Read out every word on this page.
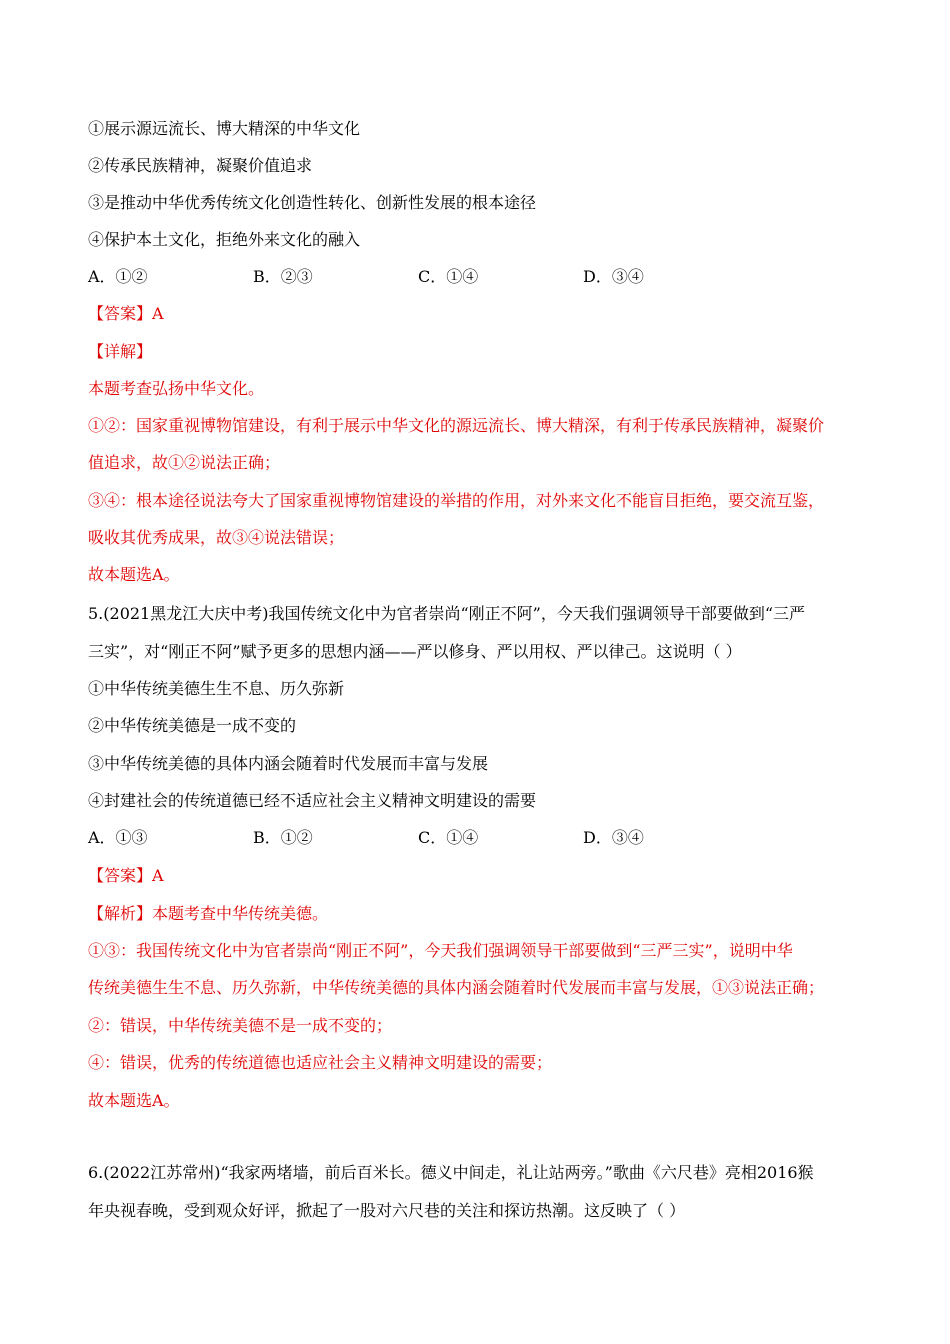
①展示源远流长、博大精深的中华文化
②传承民族精神，凝聚价值追求
③是推动中华优秀传统文化创造性转化、创新性发展的根本途径
④保护本土文化，拒绝外来文化的融入
A．①②	B．②③	C．①④	D．③④
【答案】A
【详解】
本题考查弘扬中华文化。
①②：国家重视博物馆建设，有利于展示中华文化的源远流长、博大精深，有利于传承民族精神，凝聚价
值追求，故①②说法正确；
③④：根本途径说法夸大了国家重视博物馆建设的举措的作用，对外来文化不能盲目拒绝，要交流互鉴，
吸收其优秀成果，故③④说法错误；
故本题选A。
5.(2021黑龙江大庆中考)我国传统文化中为官者崇尚“刚正不阿”，今天我们强调领导干部要做到“三严
三实”，对“刚正不阿”赋予更多的思想内涵——严以修身、严以用权、严以律己。这说明（ ）
①中华传统美德生生不息、历久弥新
②中华传统美德是一成不变的
③中华传统美德的具体内涵会随着时代发展而丰富与发展
④封建社会的传统道德已经不适应社会主义精神文明建设的需要
A．①③	B．①②	C．①④	D．③④
【答案】A
【解析】本题考查中华传统美德。
①③：我国传统文化中为官者崇尚“刚正不阿”，今天我们强调领导干部要做到“三严三实”，说明中华
传统美德生生不息、历久弥新，中华传统美德的具体内涵会随着时代发展而丰富与发展，①③说法正确；
②：错误，中华传统美德不是一成不变的；
④：错误，优秀的传统道德也适应社会主义精神文明建设的需要；
故本题选A。
6.(2022江苏常州)“我家两堵墙，前后百米长。德义中间走，礼让站两旁。”歌曲《六尺巷》亮相2016猴
年央视春晚，受到观众好评，掀起了一股对六尺巷的关注和探访热潮。这反映了（ ）
